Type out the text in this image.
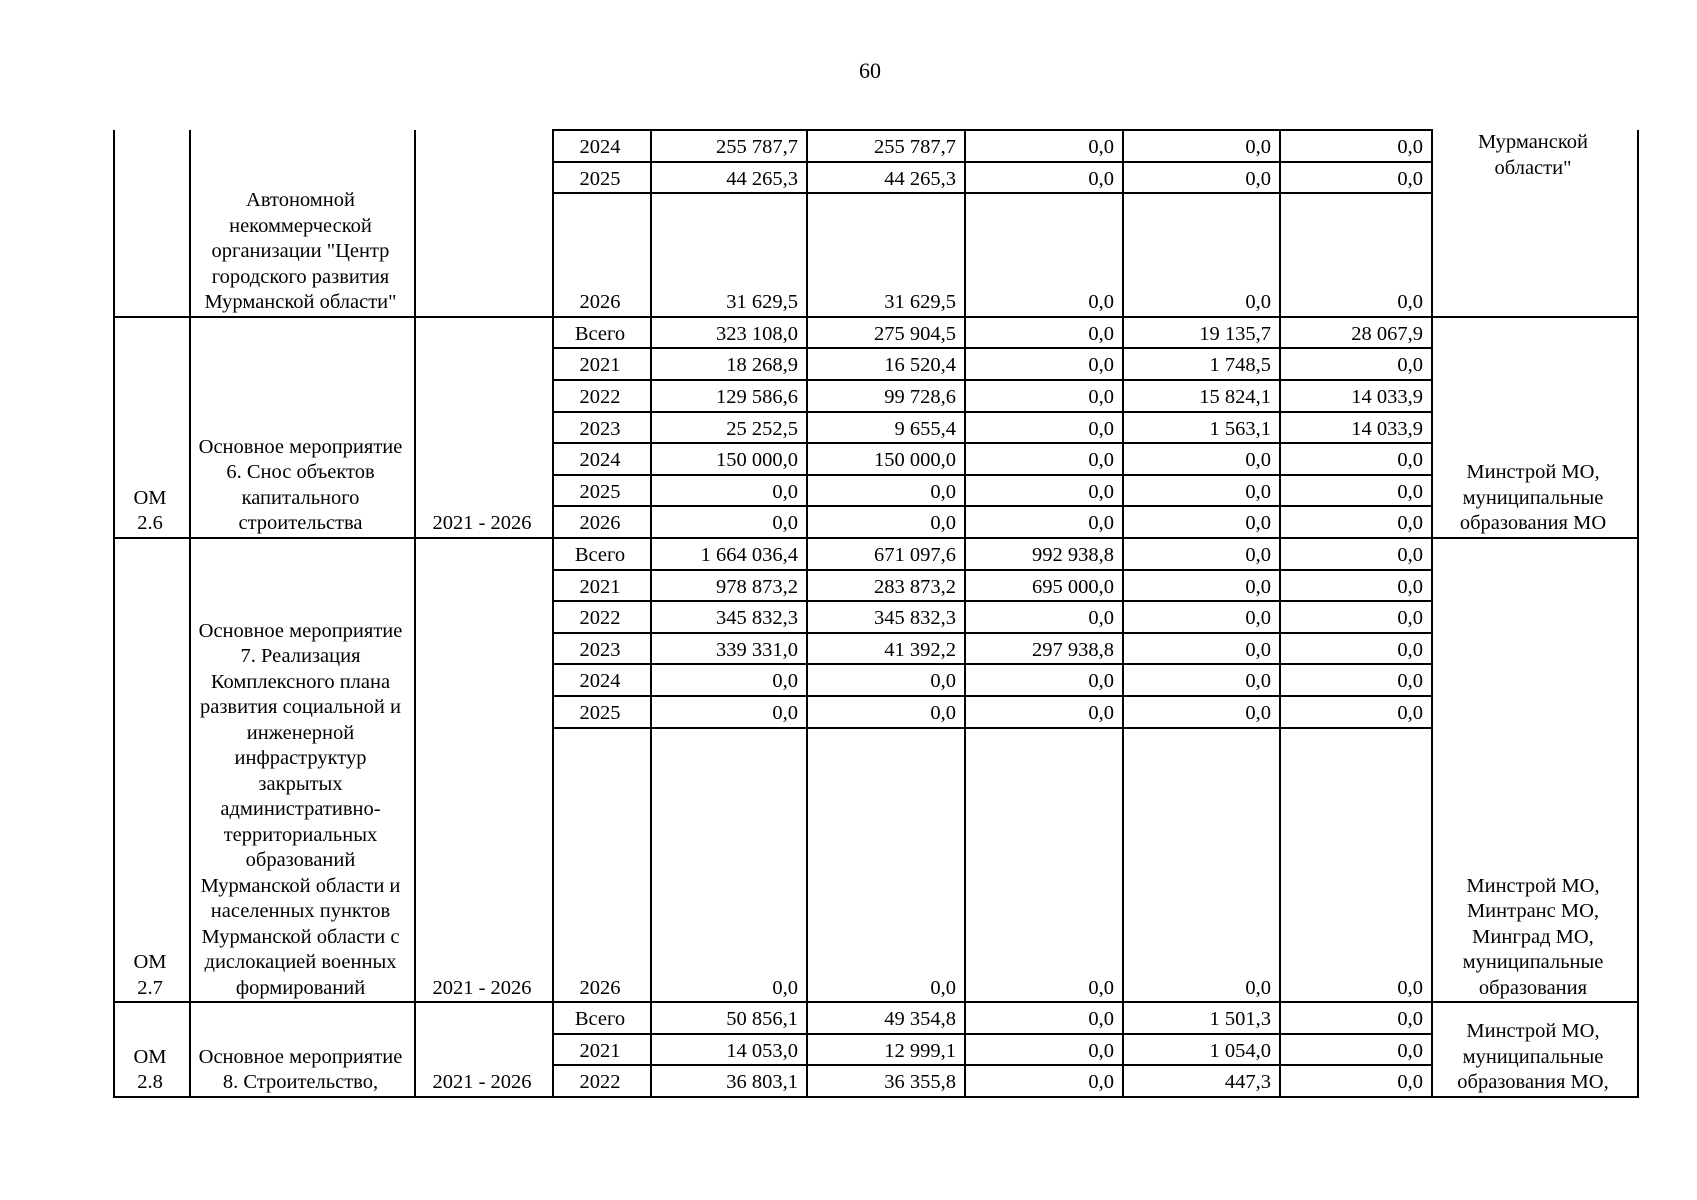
60
	Автономной некоммерческой организации "Центр городского развития Мурманской области"		2024	255 787,7	255 787,7	0,0	0,0	0,0	Мурманской области"
			2025	44 265,3	44 265,3	0,0	0,0	0,0	
			2026	31 629,5	31 629,5	0,0	0,0	0,0	
ОМ 2.6	Основное мероприятие 6. Снос объектов капитального строительства	2021 - 2026	Всего	323 108,0	275 904,5	0,0	19 135,7	28 067,9	Минстрой МО, муниципальные образования МО
			2021	18 268,9	16 520,4	0,0	1 748,5	0,0	
			2022	129 586,6	99 728,6	0,0	15 824,1	14 033,9	
			2023	25 252,5	9 655,4	0,0	1 563,1	14 033,9	
			2024	150 000,0	150 000,0	0,0	0,0	0,0	
			2025	0,0	0,0	0,0	0,0	0,0	
			2026	0,0	0,0	0,0	0,0	0,0	
ОМ 2.7	Основное мероприятие 7. Реализация Комплексного плана развития социальной и инженерной инфраструктур закрытых административно-территориальных образований Мурманской области и населенных пунктов Мурманской области с дислокацией военных формирований	2021 - 2026	Всего	1 664 036,4	671 097,6	992 938,8	0,0	0,0	Минстрой МО, Минтранс МО, Минград МО, муниципальные образования
			2021	978 873,2	283 873,2	695 000,0	0,0	0,0	
			2022	345 832,3	345 832,3	0,0	0,0	0,0	
			2023	339 331,0	41 392,2	297 938,8	0,0	0,0	
			2024	0,0	0,0	0,0	0,0	0,0	
			2025	0,0	0,0	0,0	0,0	0,0	
			2026	0,0	0,0	0,0	0,0	0,0	
ОМ 2.8	Основное мероприятие 8. Строительство,	2021 - 2026	Всего	50 856,1	49 354,8	0,0	1 501,3	0,0	Минстрой МО, муниципальные образования МО,
			2021	14 053,0	12 999,1	0,0	1 054,0	0,0	
			2022	36 803,1	36 355,8	0,0	447,3	0,0	
